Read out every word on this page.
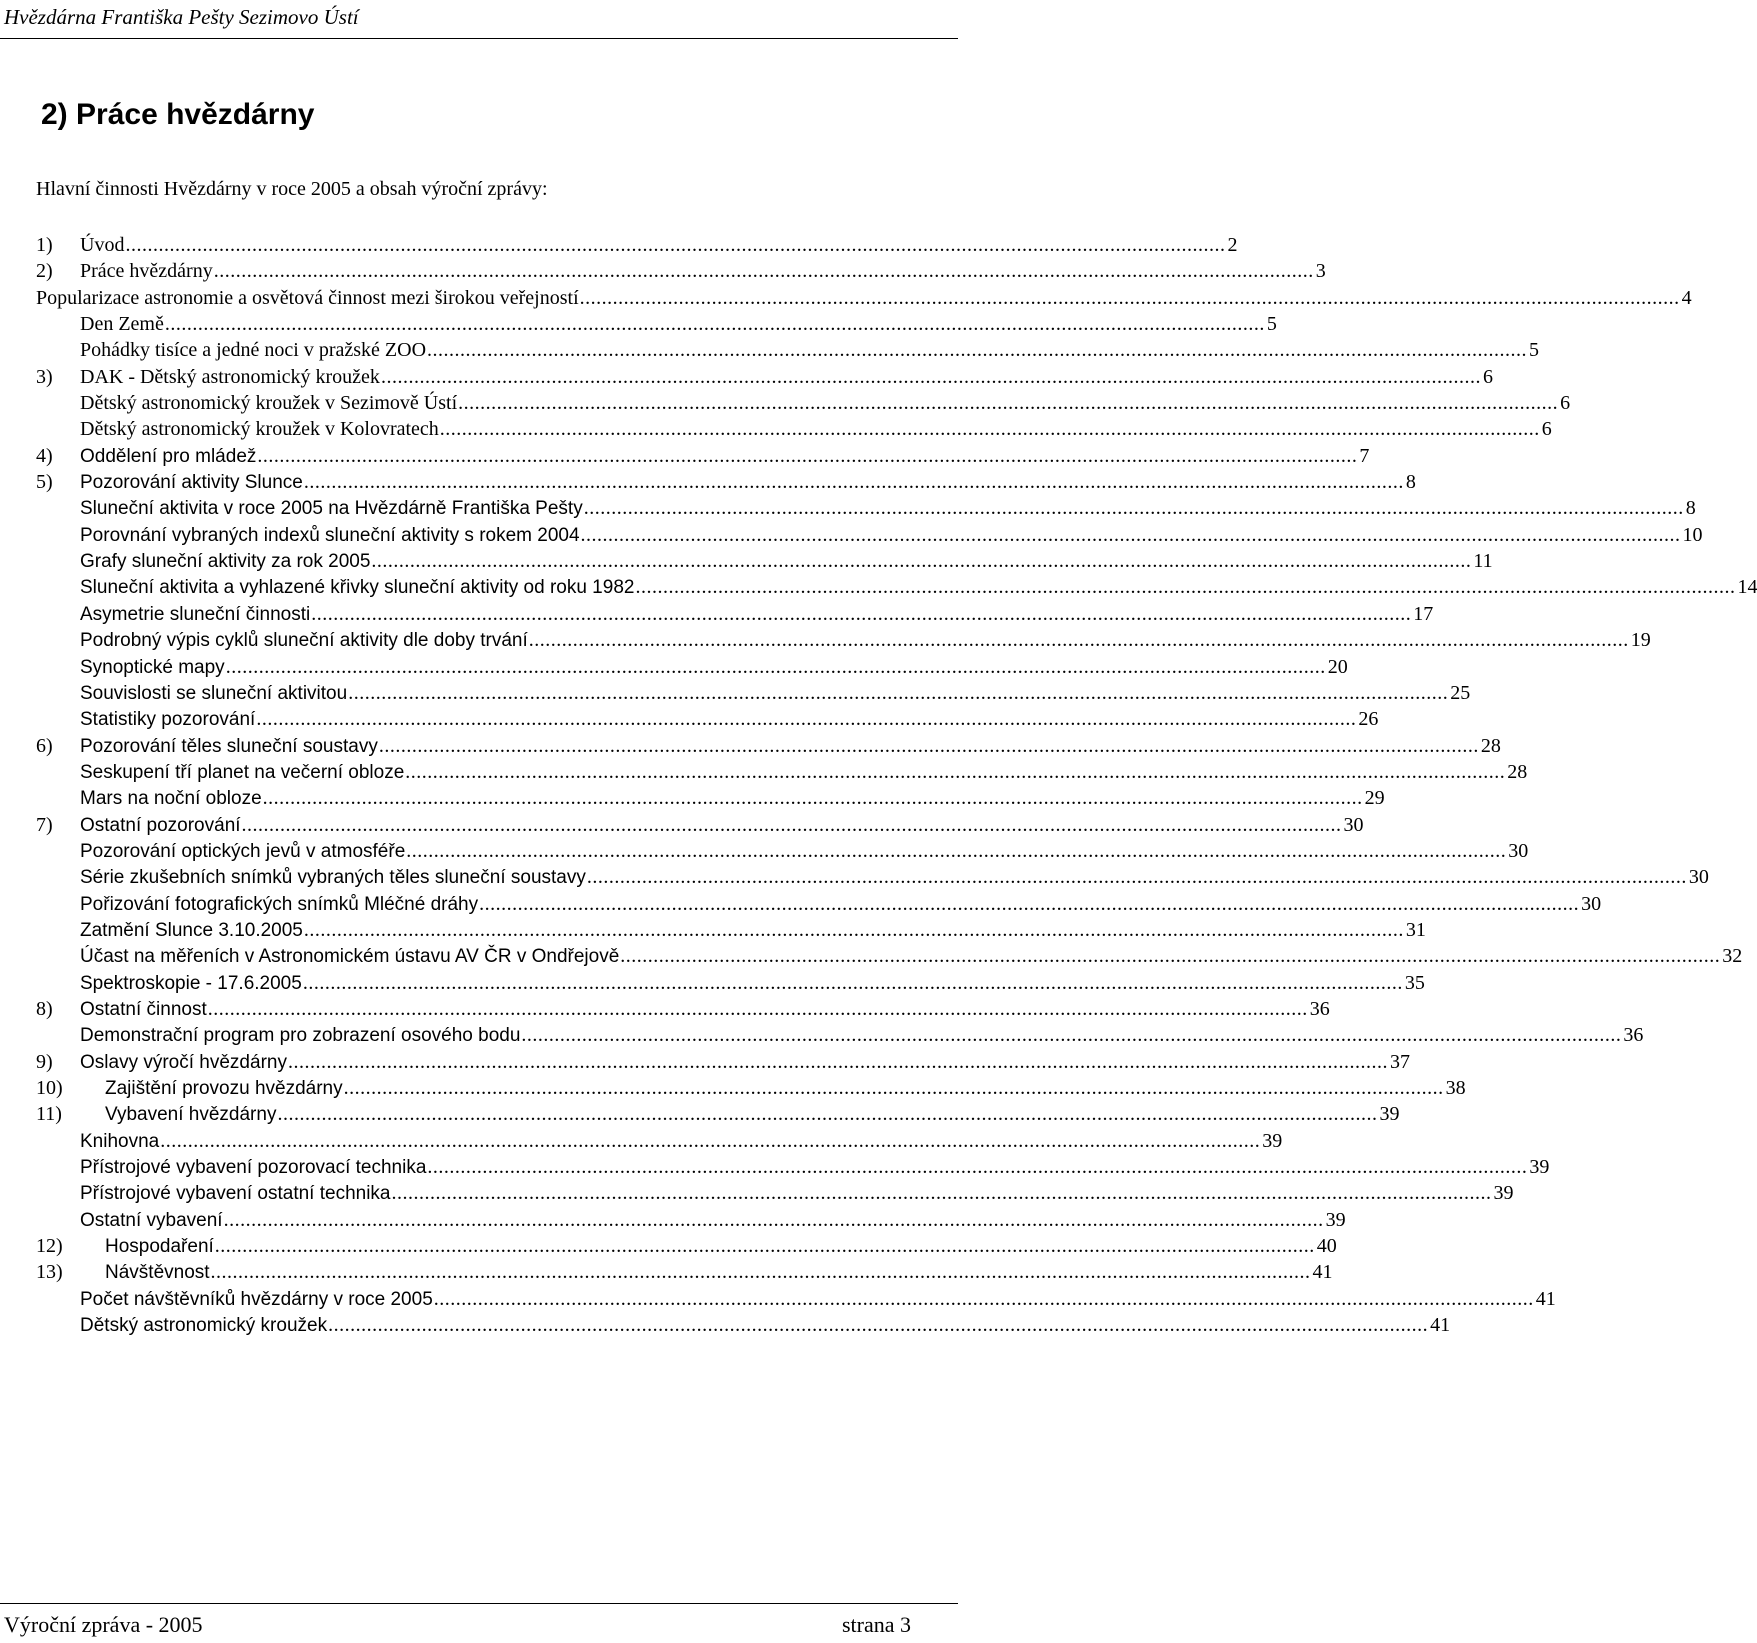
Hvězdárna Františka Pešty Sezimovo Ústí
2) Práce hvězdárny
Hlavní činnosti Hvězdárny v roce 2005 a obsah výroční zprávy:
1) Úvod ........................................................................................................................................................................................................ 2
2) Práce hvězdárny ........................................................................................................................................................................................................ 3
Popularizace astronomie a osvětová činnost mezi širokou veřejností ........................................................................................................................................................................................................ 4
Den Země ........................................................................................................................................................................................................ 5
Pohádky tisíce a jedné noci v pražské ZOO ........................................................................................................................................................................................................ 5
3) DAK - Dětský astronomický kroužek ........................................................................................................................................................................................................ 6
Dětský astronomický kroužek v Sezimově Ústí ........................................................................................................................................................................................................ 6
Dětský astronomický kroužek v Kolovratech ........................................................................................................................................................................................................ 6
4) Oddělení pro mládež ........................................................................................................................................................................................................ 7
5) Pozorování aktivity Slunce ........................................................................................................................................................................................................ 8
Sluneční aktivita v roce 2005 na Hvězdárně Františka Pešty ........................................................................................................................................................................................................ 8
Porovnání vybraných indexů sluneční aktivity s rokem 2004 ........................................................................................................................................................................................................ 10
Grafy sluneční aktivity za rok 2005 ........................................................................................................................................................................................................ 11
Sluneční aktivita a vyhlazené křivky sluneční aktivity od roku 1982 ........................................................................................................................................................................................................ 14
Asymetrie sluneční činnosti ........................................................................................................................................................................................................ 17
Podrobný výpis cyklů sluneční aktivity dle doby trvání ........................................................................................................................................................................................................ 19
Synoptické mapy ........................................................................................................................................................................................................ 20
Souvislosti se sluneční aktivitou ........................................................................................................................................................................................................ 25
Statistiky pozorování ........................................................................................................................................................................................................ 26
6) Pozorování těles sluneční soustavy ........................................................................................................................................................................................................ 28
Seskupení tří planet na večerní obloze ........................................................................................................................................................................................................ 28
Mars na noční obloze ........................................................................................................................................................................................................ 29
7) Ostatní pozorování ........................................................................................................................................................................................................ 30
Pozorování optických jevů v atmosféře ........................................................................................................................................................................................................ 30
Série zkušebních snímků vybraných těles sluneční soustavy ........................................................................................................................................................................................................ 30
Pořizování fotografických snímků Mléčné dráhy ........................................................................................................................................................................................................ 30
Zatmění Slunce 3.10.2005 ........................................................................................................................................................................................................ 31
Účast na měřeních v Astronomickém ústavu AV ČR v Ondřejově ........................................................................................................................................................................................................ 32
Spektroskopie - 17.6.2005 ........................................................................................................................................................................................................ 35
8) Ostatní činnost ........................................................................................................................................................................................................ 36
Demonstrační program pro zobrazení osového bodu ........................................................................................................................................................................................................ 36
9) Oslavy výročí hvězdárny ........................................................................................................................................................................................................ 37
10) Zajištění provozu hvězdárny ........................................................................................................................................................................................................ 38
11) Vybavení hvězdárny ........................................................................................................................................................................................................ 39
Knihovna ........................................................................................................................................................................................................ 39
Přístrojové vybavení pozorovací technika ........................................................................................................................................................................................................ 39
Přístrojové vybavení ostatní technika ........................................................................................................................................................................................................ 39
Ostatní vybavení ........................................................................................................................................................................................................ 39
12) Hospodaření ........................................................................................................................................................................................................ 40
13) Návštěvnost ........................................................................................................................................................................................................ 41
Počet návštěvníků hvězdárny v roce 2005 ........................................................................................................................................................................................................ 41
Dětský astronomický kroužek ........................................................................................................................................................................................................ 41
Výroční zpráva - 2005	strana 3
